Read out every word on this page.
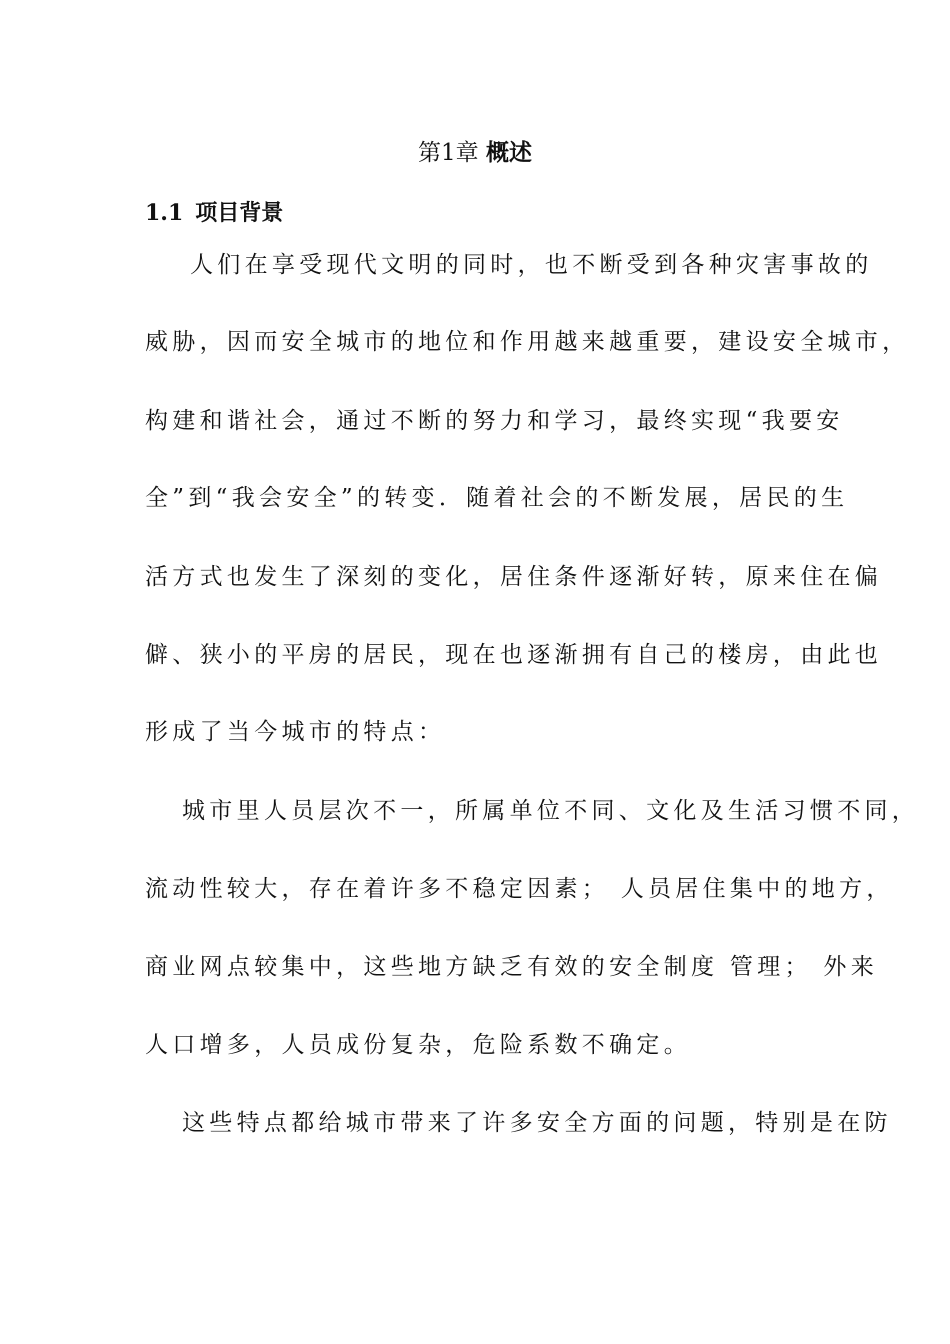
第1章 概述
1.1 项目背景
人们在享受现代文明的同时，也不断受到各种灾害事故的
威胁，因而安全城市的地位和作用越来越重要，建设安全城市，
构建和谐社会，通过不断的努力和学习，最终实现“我要安
全”到“我会安全”的转变．随着社会的不断发展，居民的生
活方式也发生了深刻的变化，居住条件逐渐好转，原来住在偏
僻、狭小的平房的居民，现在也逐渐拥有自己的楼房，由此也
形成了当今城市的特点：
城市里人员层次不一，所属单位不同、文化及生活习惯不同，
流动性较大，存在着许多不稳定因素； 人员居住集中的地方，
商业网点较集中，这些地方缺乏有效的安全制度 管理； 外来
人口增多，人员成份复杂，危险系数不确定。
这些特点都给城市带来了许多安全方面的问题，特别是在防
